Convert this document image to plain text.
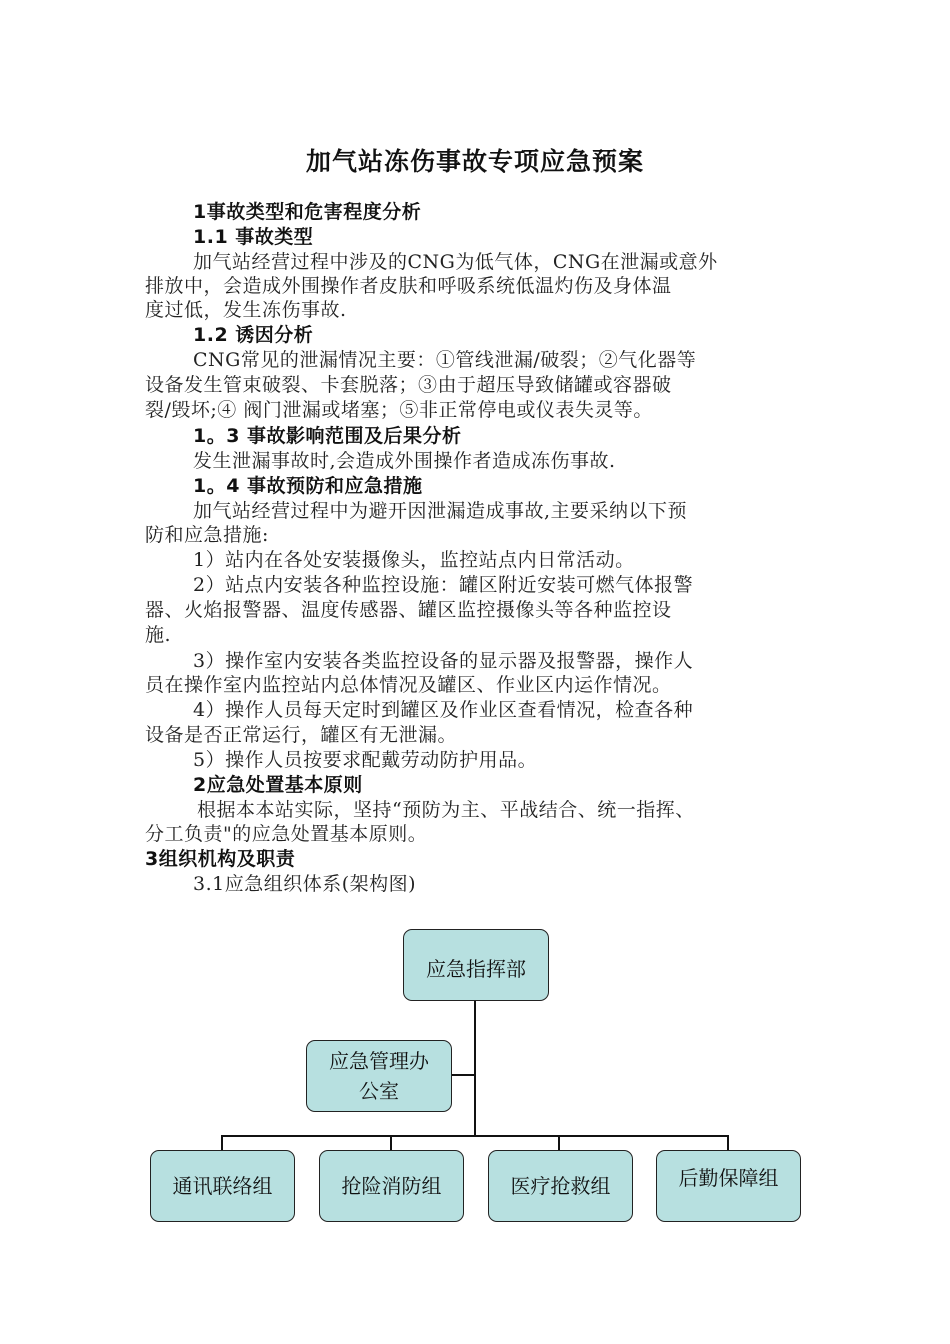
加气站冻伤事故专项应急预案
1事故类型和危害程度分析
1.1 事故类型
加气站经营过程中涉及的CNG为低气体，CNG在泄漏或意外
排放中，会造成外围操作者皮肤和呼吸系统低温灼伤及身体温
度过低，发生冻伤事故.
1.2 诱因分析
CNG常见的泄漏情况主要：①管线泄漏/破裂；②气化器等
设备发生管束破裂、卡套脱落；③由于超压导致储罐或容器破
裂/毁坏;④ 阀门泄漏或堵塞；⑤非正常停电或仪表失灵等。
1。3 事故影响范围及后果分析
发生泄漏事故时,会造成外围操作者造成冻伤事故.
1。4 事故预防和应急措施
加气站经营过程中为避开因泄漏造成事故,主要采纳以下预
防和应急措施:
1）站内在各处安装摄像头，监控站点内日常活动。
2）站点内安装各种监控设施：罐区附近安装可燃气体报警
器、火焰报警器、温度传感器、罐区监控摄像头等各种监控设
施.
3）操作室内安装各类监控设备的显示器及报警器，操作人
员在操作室内监控站内总体情况及罐区、作业区内运作情况。
4）操作人员每天定时到罐区及作业区查看情况，检查各种
设备是否正常运行，罐区有无泄漏。
5）操作人员按要求配戴劳动防护用品。
2应急处置基本原则
根据本本站实际，坚持“预防为主、平战结合、统一指挥、
分工负责"的应急处置基本原则。
3组织机构及职责
3.1应急组织体系(架构图)
应急指挥部
应急管理办
公室
通讯联络组	抢险消防组	医疗抢救组	后勤保障组
